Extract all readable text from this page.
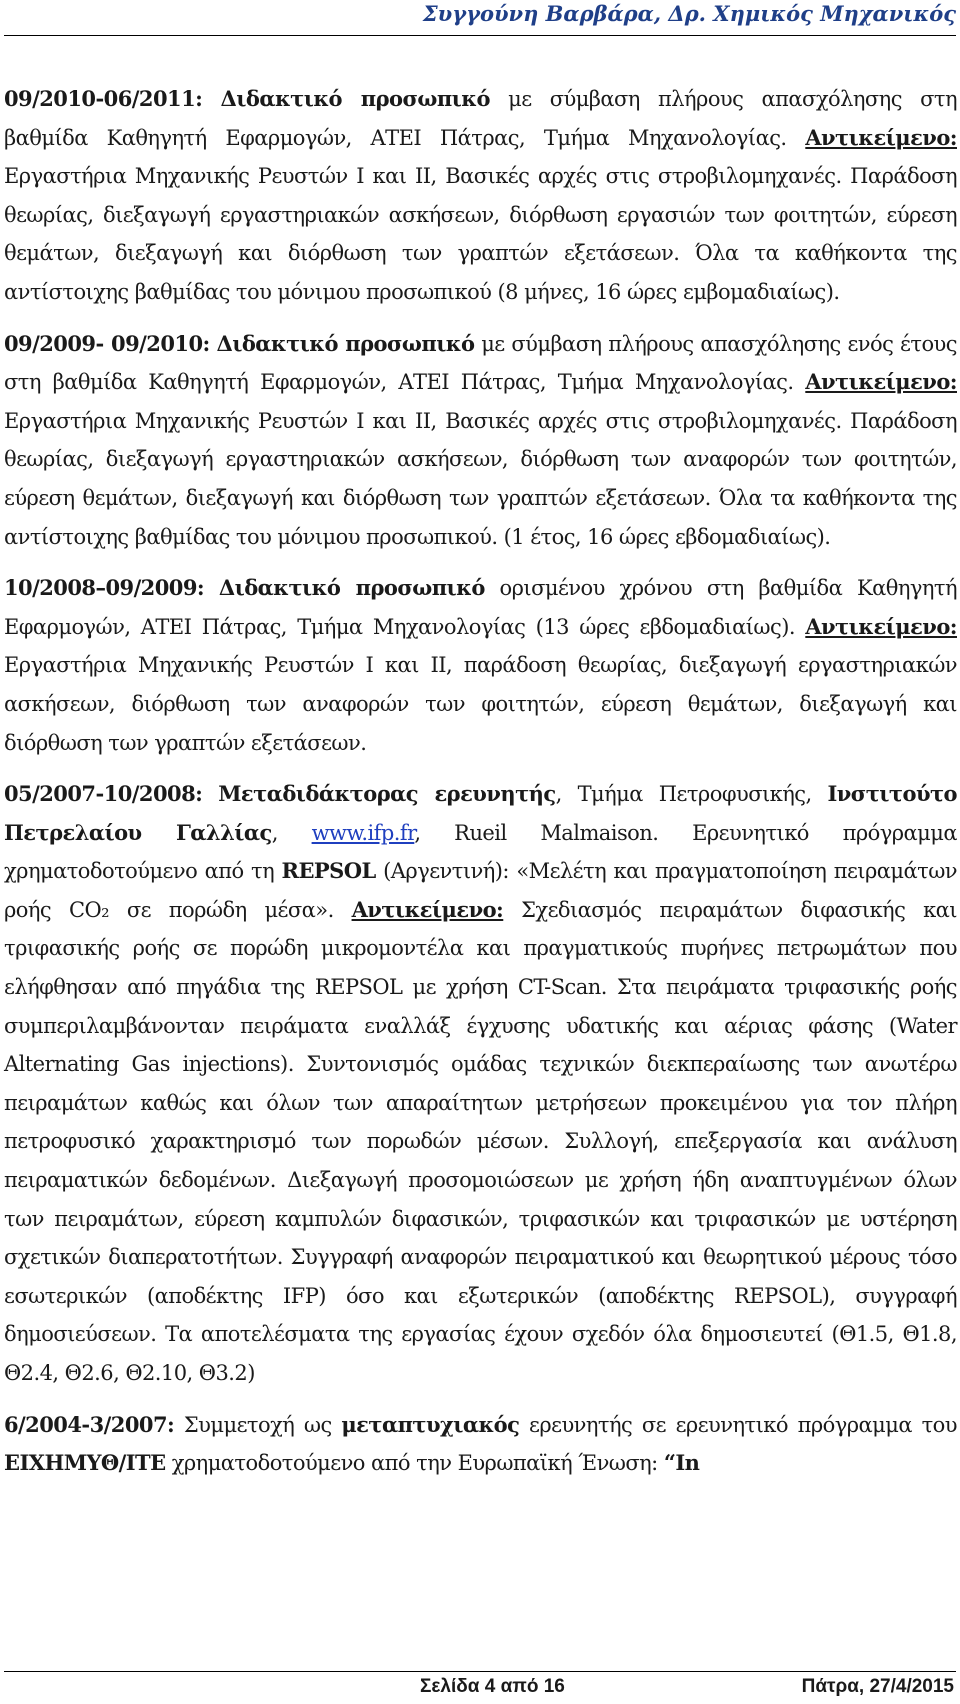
Συγγούνη Βαρβάρα, Δρ. Χημικός Μηχανικός

09/2010-06/2011: Διδακτικό προσωπικό με σύμβαση πλήρους απασχόλησης στη βαθμίδα Καθηγητή Εφαρμογών, ΑΤΕΙ Πάτρας, Τμήμα Μηχανολογίας. Αντικείμενο: Εργαστήρια Μηχανικής Ρευστών Ι και ΙΙ, Βασικές αρχές στις στροβιλομηχανές. Παράδοση θεωρίας, διεξαγωγή εργαστηριακών ασκήσεων, διόρθωση εργασιών των φοιτητών, εύρεση θεμάτων, διεξαγωγή και διόρθωση των γραπτών εξετάσεων. Όλα τα καθήκοντα της αντίστοιχης βαθμίδας του μόνιμου προσωπικού (8 μήνες, 16 ώρες εμβομαδιαίως).

09/2009- 09/2010: Διδακτικό προσωπικό με σύμβαση πλήρους απασχόλησης ενός έτους στη βαθμίδα Καθηγητή Εφαρμογών, ΑΤΕΙ Πάτρας, Τμήμα Μηχανολογίας. Αντικείμενο: Εργαστήρια Μηχανικής Ρευστών Ι και ΙΙ, Βασικές αρχές στις στροβιλομηχανές. Παράδοση θεωρίας, διεξαγωγή εργαστηριακών ασκήσεων, διόρθωση των αναφορών των φοιτητών, εύρεση θεμάτων, διεξαγωγή και διόρθωση των γραπτών εξετάσεων. Όλα τα καθήκοντα της αντίστοιχης βαθμίδας του μόνιμου προσωπικού. (1 έτος, 16 ώρες εβδομαδιαίως).

10/2008–09/2009: Διδακτικό προσωπικό ορισμένου χρόνου στη βαθμίδα Καθηγητή Εφαρμογών, ΑΤΕΙ Πάτρας, Τμήμα Μηχανολογίας (13 ώρες εβδομαδιαίως). Αντικείμενο: Εργαστήρια Μηχανικής Ρευστών Ι και ΙΙ, παράδοση θεωρίας, διεξαγωγή εργαστηριακών ασκήσεων, διόρθωση των αναφορών των φοιτητών, εύρεση θεμάτων, διεξαγωγή και διόρθωση των γραπτών εξετάσεων.

05/2007-10/2008: Μεταδιδάκτορας ερευνητής, Τμήμα Πετροφυσικής, Ινστιτούτο Πετρελαίου Γαλλίας, www.ifp.fr, Rueil Malmaison. Ερευνητικό πρόγραμμα χρηματοδοτούμενο από τη REPSOL (Αργεντινή): «Μελέτη και πραγματοποίηση πειραμάτων ροής CO₂ σε πορώδη μέσα». Αντικείμενο: Σχεδιασμός πειραμάτων διφασικής και τριφασικής ροής σε πορώδη μικρομοντέλα και πραγματικούς πυρήνες πετρωμάτων που ελήφθησαν από πηγάδια της REPSOL με χρήση CT-Scan. Στα πειράματα τριφασικής ροής συμπεριλαμβάνονταν πειράματα εναλλάξ έγχυσης υδατικής και αέριας φάσης (Water Alternating Gas injections). Συντονισμός ομάδας τεχνικών διεκπεραίωσης των ανωτέρω πειραμάτων καθώς και όλων των απαραίτητων μετρήσεων προκειμένου για τον πλήρη πετροφυσικό χαρακτηρισμό των πορωδών μέσων. Συλλογή, επεξεργασία και ανάλυση πειραματικών δεδομένων. Διεξαγωγή προσομοιώσεων με χρήση ήδη αναπτυγμένων όλων των πειραμάτων, εύρεση καμπυλών διφασικών, τριφασικών και τριφασικών με υστέρηση σχετικών διαπερατοτήτων. Συγγραφή αναφορών πειραματικού και θεωρητικού μέρους τόσο εσωτερικών (αποδέκτης IFP) όσο και εξωτερικών (αποδέκτης REPSOL), συγγραφή δημοσιεύσεων. Τα αποτελέσματα της εργασίας έχουν σχεδόν όλα δημοσιευτεί (Θ1.5, Θ1.8, Θ2.4, Θ2.6, Θ2.10, Θ3.2)

6/2004-3/2007: Συμμετοχή ως μεταπτυχιακός ερευνητής σε ερευνητικό πρόγραμμα του ΕΙΧΗΜΥΘ/ΙΤΕ χρηματοδοτούμενο από την Ευρωπαϊκή Ένωση: “In

Σελίδα 4 από 16	Πάτρα, 27/4/2015
